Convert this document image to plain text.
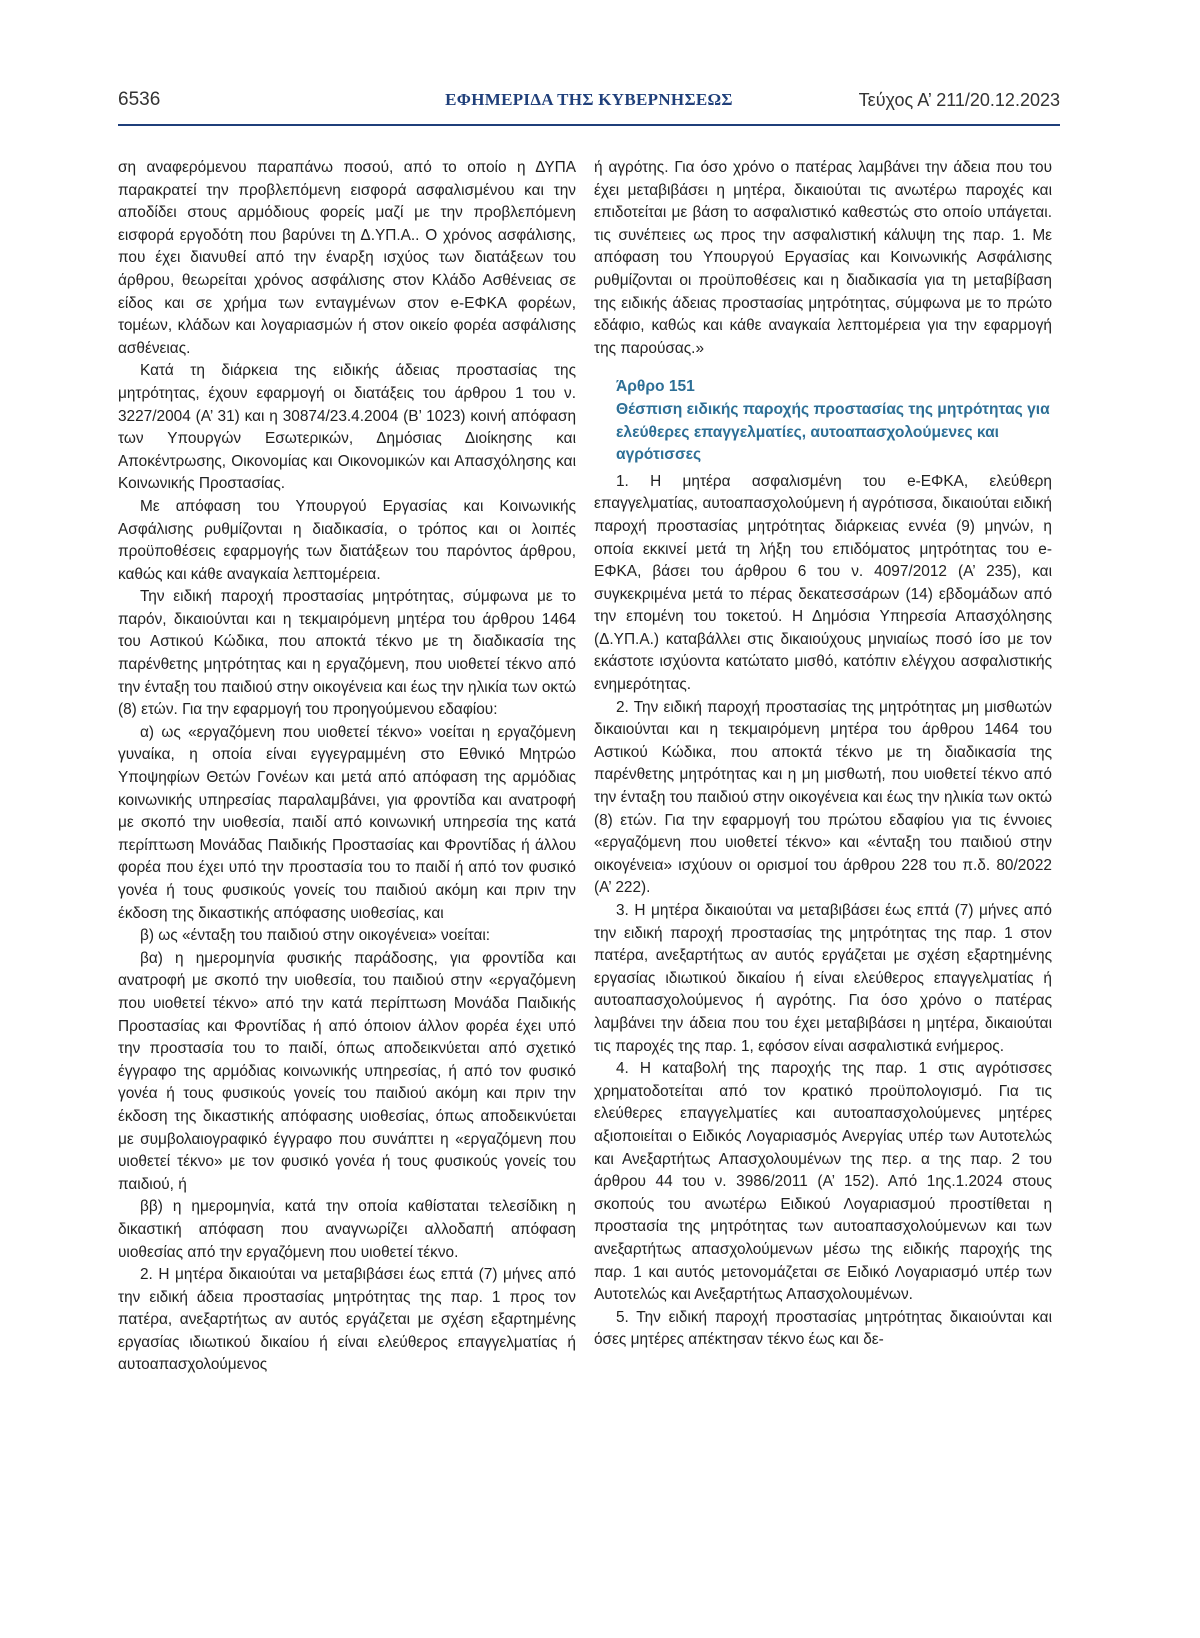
6536	ΕΦΗΜΕΡΙΔΑ ΤΗΣ ΚΥΒΕΡΝΗΣΕΩΣ	Τεύχος Α’ 211/20.12.2023

ση αναφερόμενου παραπάνω ποσού, από το οποίο η ΔΥΠΑ παρακρατεί την προβλεπόμενη εισφορά ασφαλισμένου και την αποδίδει στους αρμόδιους φορείς μαζί με την προβλεπόμενη εισφορά εργοδότη που βαρύνει τη Δ.ΥΠ.Α.. Ο χρόνος ασφάλισης, που έχει διανυθεί από την έναρξη ισχύος των διατάξεων του άρθρου, θεωρείται χρόνος ασφάλισης στον Κλάδο Ασθένειας σε είδος και σε χρήμα των ενταγμένων στον e-ΕΦΚΑ φορέων, τομέων, κλάδων και λογαριασμών ή στον οικείο φορέα ασφάλισης ασθένειας.

Κατά τη διάρκεια της ειδικής άδειας προστασίας της μητρότητας, έχουν εφαρμογή οι διατάξεις του άρθρου 1 του ν. 3227/2004 (Α’ 31) και η 30874/23.4.2004 (Β’ 1023) κοινή απόφαση των Υπουργών Εσωτερικών, Δημόσιας Διοίκησης και Αποκέντρωσης, Οικονομίας και Οικονομικών και Απασχόλησης και Κοινωνικής Προστασίας.

Με απόφαση του Υπουργού Εργασίας και Κοινωνικής Ασφάλισης ρυθμίζονται η διαδικασία, ο τρόπος και οι λοιπές προϋποθέσεις εφαρμογής των διατάξεων του παρόντος άρθρου, καθώς και κάθε αναγκαία λεπτομέρεια.

Την ειδική παροχή προστασίας μητρότητας, σύμφωνα με το παρόν, δικαιούνται και η τεκμαιρόμενη μητέρα του άρθρου 1464 του Αστικού Κώδικα, που αποκτά τέκνο με τη διαδικασία της παρένθετης μητρότητας και η εργαζόμενη, που υιοθετεί τέκνο από την ένταξη του παιδιού στην οικογένεια και έως την ηλικία των οκτώ (8) ετών. Για την εφαρμογή του προηγούμενου εδαφίου:

α) ως «εργαζόμενη που υιοθετεί τέκνο» νοείται η εργαζόμενη γυναίκα, η οποία είναι εγγεγραμμένη στο Εθνικό Μητρώο Υποψηφίων Θετών Γονέων και μετά από απόφαση της αρμόδιας κοινωνικής υπηρεσίας παραλαμβάνει, για φροντίδα και ανατροφή με σκοπό την υιοθεσία, παιδί από κοινωνική υπηρεσία της κατά περίπτωση Μονάδας Παιδικής Προστασίας και Φροντίδας ή άλλου φορέα που έχει υπό την προστασία του το παιδί ή από τον φυσικό γονέα ή τους φυσικούς γονείς του παιδιού ακόμη και πριν την έκδοση της δικαστικής απόφασης υιοθεσίας, και

β) ως «ένταξη του παιδιού στην οικογένεια» νοείται:

βα) η ημερομηνία φυσικής παράδοσης, για φροντίδα και ανατροφή με σκοπό την υιοθεσία, του παιδιού στην «εργαζόμενη που υιοθετεί τέκνο» από την κατά περίπτωση Μονάδα Παιδικής Προστασίας και Φροντίδας ή από όποιον άλλον φορέα έχει υπό την προστασία του το παιδί, όπως αποδεικνύεται από σχετικό έγγραφο της αρμόδιας κοινωνικής υπηρεσίας, ή από τον φυσικό γονέα ή τους φυσικούς γονείς του παιδιού ακόμη και πριν την έκδοση της δικαστικής απόφασης υιοθεσίας, όπως αποδεικνύεται με συμβολαιογραφικό έγγραφο που συνάπτει η «εργαζόμενη που υιοθετεί τέκνο» με τον φυσικό γονέα ή τους φυσικούς γονείς του παιδιού, ή

ββ) η ημερομηνία, κατά την οποία καθίσταται τελεσίδικη η δικαστική απόφαση που αναγνωρίζει αλλοδαπή απόφαση υιοθεσίας από την εργαζόμενη που υιοθετεί τέκνο.

2. Η μητέρα δικαιούται να μεταβιβάσει έως επτά (7) μήνες από την ειδική άδεια προστασίας μητρότητας της παρ. 1 προς τον πατέρα, ανεξαρτήτως αν αυτός εργάζεται με σχέση εξαρτημένης εργασίας ιδιωτικού δικαίου ή είναι ελεύθερος επαγγελματίας ή αυτοαπασχολούμενος

ή αγρότης. Για όσο χρόνο ο πατέρας λαμβάνει την άδεια που του έχει μεταβιβάσει η μητέρα, δικαιούται τις ανωτέρω παροχές και επιδοτείται με βάση το ασφαλιστικό καθεστώς στο οποίο υπάγεται. τις συνέπειες ως προς την ασφαλιστική κάλυψη της παρ. 1. Με απόφαση του Υπουργού Εργασίας και Κοινωνικής Ασφάλισης ρυθμίζονται οι προϋποθέσεις και η διαδικασία για τη μεταβίβαση της ειδικής άδειας προστασίας μητρότητας, σύμφωνα με το πρώτο εδάφιο, καθώς και κάθε αναγκαία λεπτομέρεια για την εφαρμογή της παρούσας.»

Άρθρο 151
Θέσπιση ειδικής παροχής προστασίας της μητρότητας για ελεύθερες επαγγελματίες, αυτοαπασχολούμενες και αγρότισσες

1. Η μητέρα ασφαλισμένη του e-ΕΦΚΑ, ελεύθερη επαγγελματίας, αυτοαπασχολούμενη ή αγρότισσα, δικαιούται ειδική παροχή προστασίας μητρότητας διάρκειας εννέα (9) μηνών, η οποία εκκινεί μετά τη λήξη του επιδόματος μητρότητας του e-ΕΦΚΑ, βάσει του άρθρου 6 του ν. 4097/2012 (Α’ 235), και συγκεκριμένα μετά το πέρας δεκατεσσάρων (14) εβδομάδων από την επομένη του τοκετού. Η Δημόσια Υπηρεσία Απασχόλησης (Δ.ΥΠ.Α.) καταβάλλει στις δικαιούχους μηνιαίως ποσό ίσο με τον εκάστοτε ισχύοντα κατώτατο μισθό, κατόπιν ελέγχου ασφαλιστικής ενημερότητας.

2. Την ειδική παροχή προστασίας της μητρότητας μη μισθωτών δικαιούνται και η τεκμαιρόμενη μητέρα του άρθρου 1464 του Αστικού Κώδικα, που αποκτά τέκνο με τη διαδικασία της παρένθετης μητρότητας και η μη μισθωτή, που υιοθετεί τέκνο από την ένταξη του παιδιού στην οικογένεια και έως την ηλικία των οκτώ (8) ετών. Για την εφαρμογή του πρώτου εδαφίου για τις έννοιες «εργαζόμενη που υιοθετεί τέκνο» και «ένταξη του παιδιού στην οικογένεια» ισχύουν οι ορισμοί του άρθρου 228 του π.δ. 80/2022 (Α’ 222).

3. Η μητέρα δικαιούται να μεταβιβάσει έως επτά (7) μήνες από την ειδική παροχή προστασίας της μητρότητας της παρ. 1 στον πατέρα, ανεξαρτήτως αν αυτός εργάζεται με σχέση εξαρτημένης εργασίας ιδιωτικού δικαίου ή είναι ελεύθερος επαγγελματίας ή αυτοαπασχολούμενος ή αγρότης. Για όσο χρόνο ο πατέρας λαμβάνει την άδεια που του έχει μεταβιβάσει η μητέρα, δικαιούται τις παροχές της παρ. 1, εφόσον είναι ασφαλιστικά ενήμερος.

4. Η καταβολή της παροχής της παρ. 1 στις αγρότισσες χρηματοδοτείται από τον κρατικό προϋπολογισμό. Για τις ελεύθερες επαγγελματίες και αυτοαπασχολούμενες μητέρες αξιοποιείται ο Ειδικός Λογαριασμός Ανεργίας υπέρ των Αυτοτελώς και Ανεξαρτήτως Απασχολουμένων της περ. α της παρ. 2 του άρθρου 44 του ν. 3986/2011 (Α’ 152). Από 1ης.1.2024 στους σκοπούς του ανωτέρω Ειδικού Λογαριασμού προστίθεται η προστασία της μητρότητας των αυτοαπασχολούμενων και των ανεξαρτήτως απασχολούμενων μέσω της ειδικής παροχής της παρ. 1 και αυτός μετονομάζεται σε Ειδικό Λογαριασμό υπέρ των Αυτοτελώς και Ανεξαρτήτως Απασχολουμένων.

5. Την ειδική παροχή προστασίας μητρότητας δικαιούνται και όσες μητέρες απέκτησαν τέκνο έως και δε-
